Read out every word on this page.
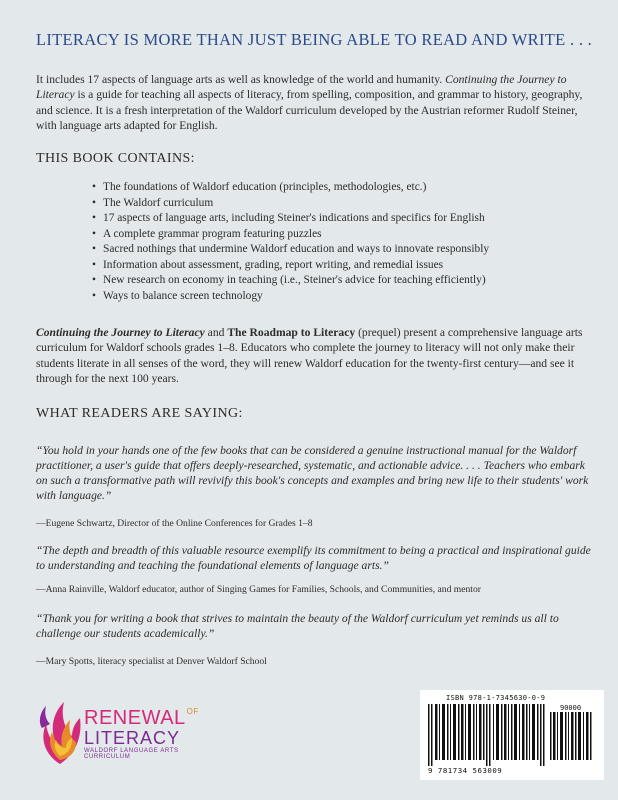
LITERACY IS MORE THAN JUST BEING ABLE TO READ AND WRITE . . .

It includes 17 aspects of language arts as well as knowledge of the world and humanity. Continuing the Journey to Literacy is a guide for teaching all aspects of literacy, from spelling, composition, and grammar to history, geography, and science. It is a fresh interpretation of the Waldorf curriculum developed by the Austrian reformer Rudolf Steiner, with language arts adapted for English.

THIS BOOK CONTAINS:
• The foundations of Waldorf education (principles, methodologies, etc.)
• The Waldorf curriculum
• 17 aspects of language arts, including Steiner's indications and specifics for English
• A complete grammar program featuring puzzles
• Sacred nothings that undermine Waldorf education and ways to innovate responsibly
• Information about assessment, grading, report writing, and remedial issues
• New research on economy in teaching (i.e., Steiner's advice for teaching efficiently)
• Ways to balance screen technology

Continuing the Journey to Literacy and The Roadmap to Literacy (prequel) present a comprehensive language arts curriculum for Waldorf schools grades 1–8. Educators who complete the journey to literacy will not only make their students literate in all senses of the word, they will renew Waldorf education for the twenty-first century—and see it through for the next 100 years.

WHAT READERS ARE SAYING:

“You hold in your hands one of the few books that can be considered a genuine instructional manual for the Waldorf practitioner, a user's guide that offers deeply-researched, systematic, and actionable advice. . . . Teachers who embark on such a transformative path will revivify this book's concepts and examples and bring new life to their students' work with language.”

—Eugene Schwartz, Director of the Online Conferences for Grades 1–8

“The depth and breadth of this valuable resource exemplify its commitment to being a practical and inspirational guide to understanding and teaching the foundational elements of language arts.”

—Anna Rainville, Waldorf educator, author of Singing Games for Families, Schools, and Communities, and mentor

“Thank you for writing a book that strives to maintain the beauty of the Waldorf curriculum yet reminds us all to challenge our students academically.”

—Mary Spotts, literacy specialist at Denver Waldorf School
$RENEWAL^{OF}$
LITERACY
WALDORF LANGUAGE ARTS CURRICULUM
ISBN 978-1-7345630-0-9
90000
9 781734 563009
